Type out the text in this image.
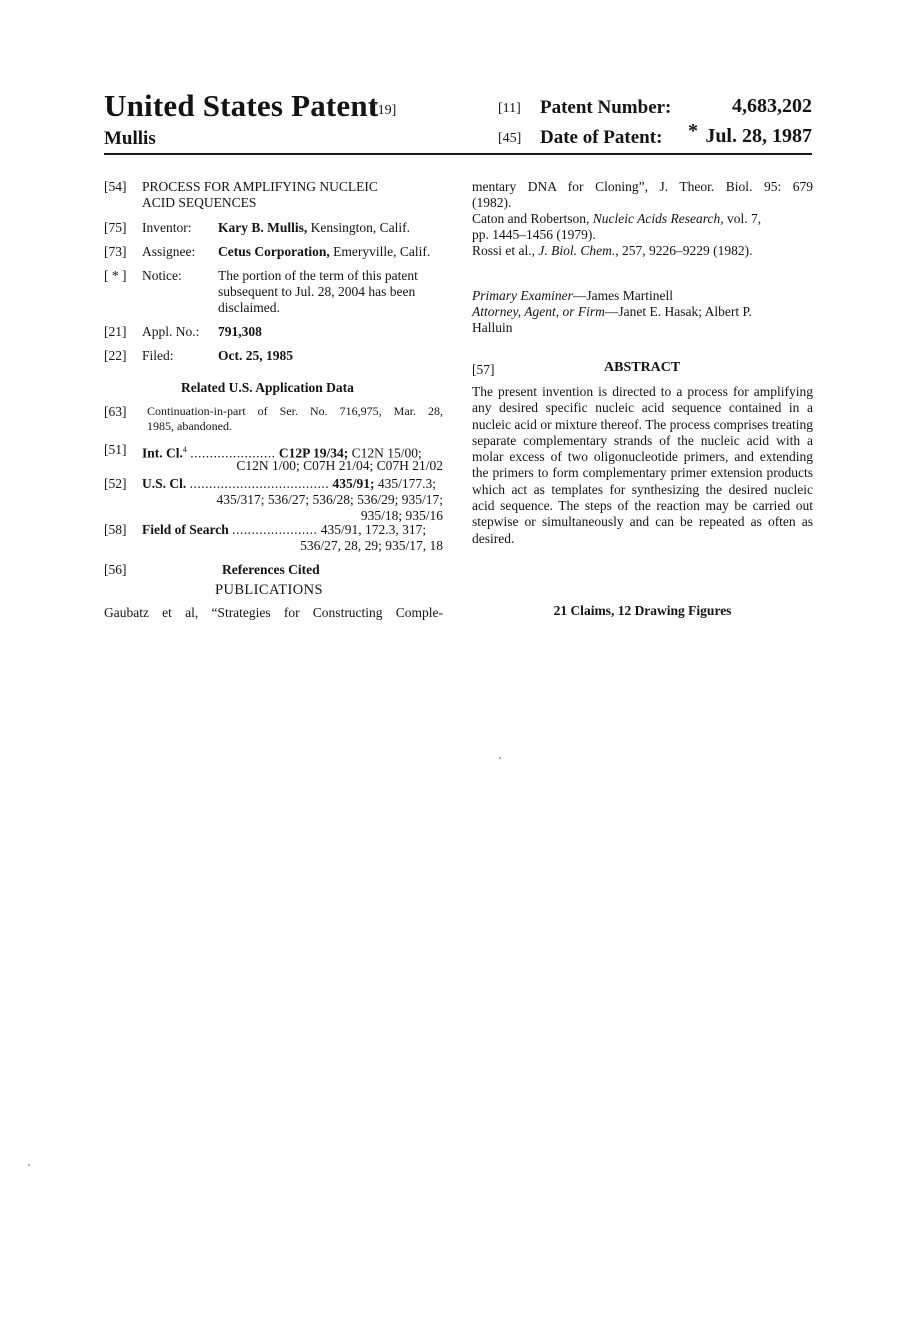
United States Patent
[19]
Mullis
[11] Patent Number:	4,683,202
[45] Date of Patent: * Jul. 28, 1987
[54] PROCESS FOR AMPLIFYING NUCLEIC
ACID SEQUENCES
[75] Inventor: Kary B. Mullis, Kensington, Calif.
[73] Assignee: Cetus Corporation, Emeryville, Calif.
[ * ] Notice:	The portion of the term of this patent
subsequent to Jul. 28, 2004 has been
disclaimed.
[21] Appl. No.: 791,308
[22] Filed:	Oct. 25, 1985
Related U.S. Application Data
[63] Continuation-in-part of Ser. No. 716,975, Mar. 28,
1985, abandoned.
[51] Int. Cl.$^4$ ...................... C12P 19/34; C12N 15/00;
C12N 1/00; C07H 21/04; C07H 21/02
[52] U.S. Cl. .................................... 435/91; 435/177.3;
435/317; 536/27; 536/28; 536/29; 935/17;
935/18; 935/16
[58] Field of Search ...................... 435/91, 172.3, 317;
536/27, 28, 29; 935/17, 18
[56]	References Cited
PUBLICATIONS
Gaubatz et al, “Strategies for Constructing Comple-
mentary DNA for Cloning”, J. Theor. Biol. 95: 679
(1982).
Caton and Robertson, Nucleic Acids Research, vol. 7,
pp. 1445–1456 (1979).
Rossi et al., J. Biol. Chem., 257, 9226–9229 (1982).
Primary Examiner—James Martinell
Attorney, Agent, or Firm—Janet E. Hasak; Albert P.
Halluin
[57]	ABSTRACT
The present invention is directed to a process for amplifying any desired specific nucleic acid sequence contained in a nucleic acid or mixture thereof. The process comprises treating separate complementary strands of the nucleic acid with a molar excess of two oligonucleotide primers, and extending the primers to form complementary primer extension products which act as templates for synthesizing the desired nucleic acid sequence. The steps of the reaction may be carried out stepwise or simultaneously and can be repeated as often as desired.
21 Claims, 12 Drawing Figures
